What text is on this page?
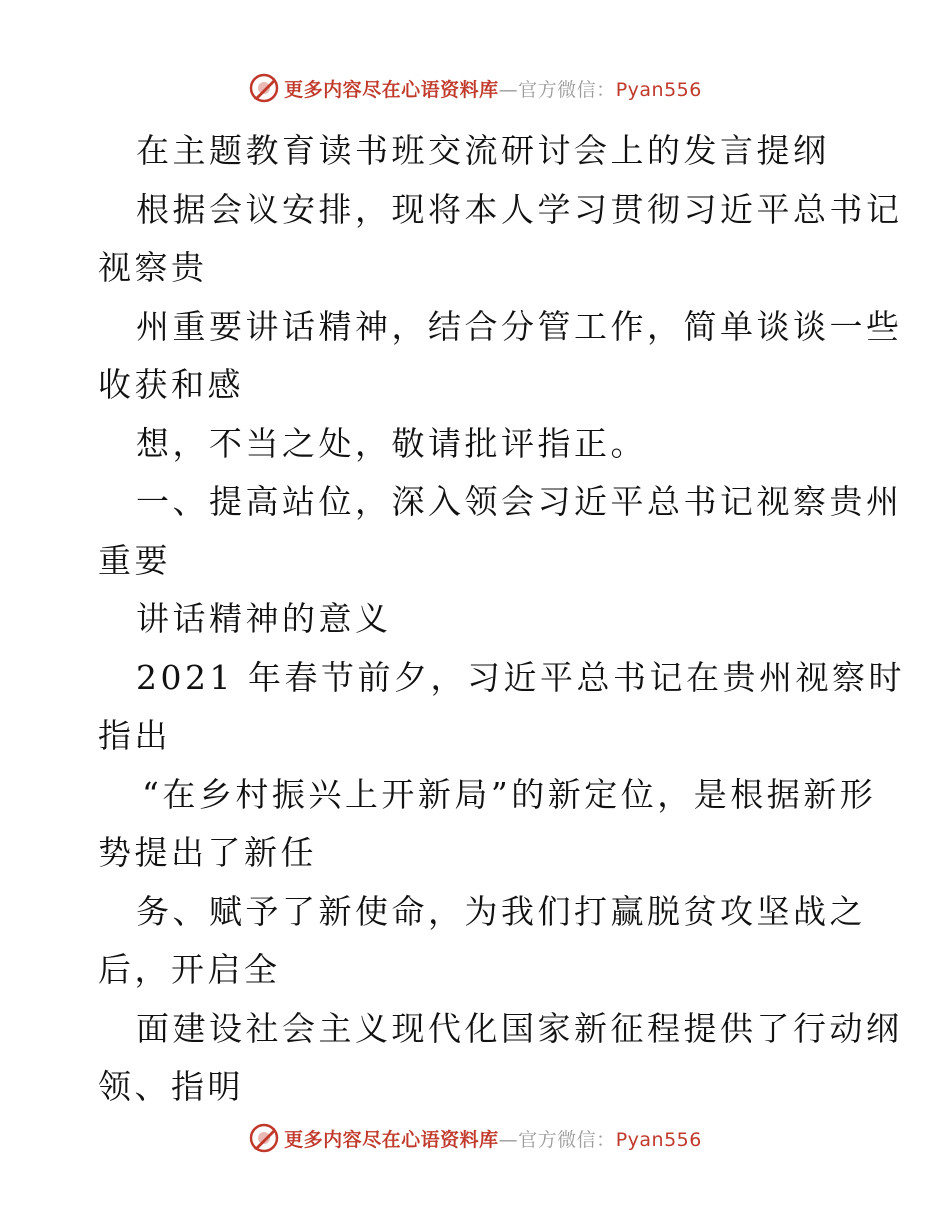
更多内容尽在心语资料库—官方微信：Pyan556
在主题教育读书班交流研讨会上的发言提纲
根据会议安排，现将本人学习贯彻习近平总书记
视察贵
州重要讲话精神，结合分管工作，简单谈谈一些
收获和感
想，不当之处，敬请批评指正。
一、提高站位，深入领会习近平总书记视察贵州
重要
讲话精神的意义
2021 年春节前夕，习近平总书记在贵州视察时
指出
“在乡村振兴上开新局”的新定位，是根据新形
势提出了新任
务、赋予了新使命，为我们打赢脱贫攻坚战之
后，开启全
面建设社会主义现代化国家新征程提供了行动纲
领、指明
更多内容尽在心语资料库—官方微信：Pyan556
